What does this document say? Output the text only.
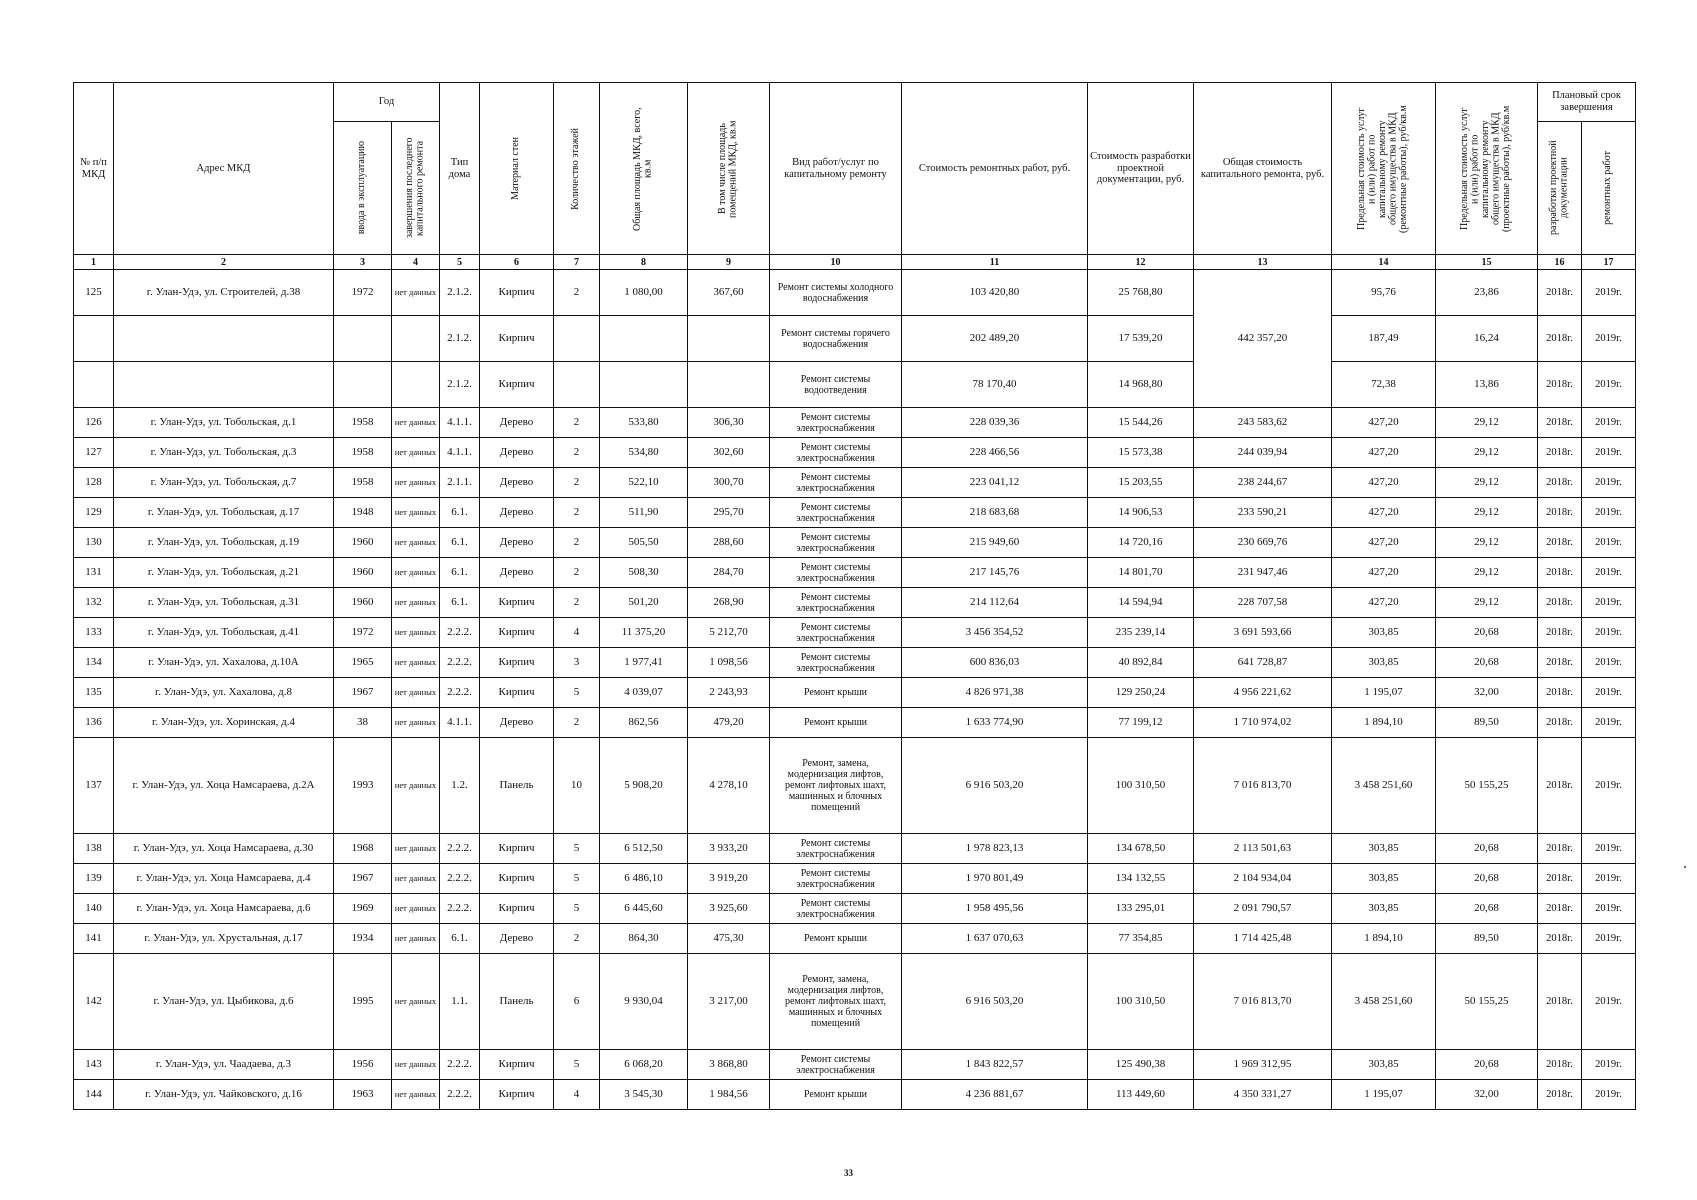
№ п/п МКД	Адрес МКД	Год		Тип дома	Материал стен	Количество этажей	Общая площадь МКД, всего, кв.м	В том числе площадь помещений МКД, кв.м	Вид работ/услуг по капитальному ремонту	Стоимость ремонтных работ, руб.	Стоимость разработки проектной документации, руб.	Общая стоимость капитального ремонта, руб.	Предельная стоимость услуг и (или) работ по капитальному ремонту общего имущества в МКД (ремонтные работы), руб/кв.м	Предельная стоимость услуг и (или) работ по капитальному ремонту общего имущества в МКД (проектные работы), руб/кв.м	Плановый срок завершения	

		ввода в эксплуатацию	завершения последнего капитального ремонта												разработки проектной документации	ремонтных работ

1	2	3	4	5	6	7	8	9	10	11	12	13	14	15	16	17
125	г. Улан-Удэ, ул. Строителей, д.38	1972	нет данных	2.1.2.	Кирпич	2	1 080,00	367,60	Ремонт системы холодного водоснабжения	103 420,80	25 768,80	442 357,20	95,76	23,86	2018г.	2019г.
				2.1.2.	Кирпич				Ремонт системы горячего водоснабжения	202 489,20	17 539,20		187,49	16,24	2018г.	2019г.
				2.1.2.	Кирпич				Ремонт системы водоотведения	78 170,40	14 968,80		72,38	13,86	2018г.	2019г.
126	г. Улан-Удэ, ул. Тобольская, д.1	1958	нет данных	4.1.1.	Дерево	2	533,80	306,30	Ремонт системы электроснабжения	228 039,36	15 544,26	243 583,62	427,20	29,12	2018г.	2019г.
127	г. Улан-Удэ, ул. Тобольская, д.3	1958	нет данных	4.1.1.	Дерево	2	534,80	302,60	Ремонт системы электроснабжения	228 466,56	15 573,38	244 039,94	427,20	29,12	2018г.	2019г.
128	г. Улан-Удэ, ул. Тобольская, д.7	1958	нет данных	2.1.1.	Дерево	2	522,10	300,70	Ремонт системы электроснабжения	223 041,12	15 203,55	238 244,67	427,20	29,12	2018г.	2019г.
129	г. Улан-Удэ, ул. Тобольская, д.17	1948	нет данных	6.1.	Дерево	2	511,90	295,70	Ремонт системы электроснабжения	218 683,68	14 906,53	233 590,21	427,20	29,12	2018г.	2019г.
130	г. Улан-Удэ, ул. Тобольская, д.19	1960	нет данных	6.1.	Дерево	2	505,50	288,60	Ремонт системы электроснабжения	215 949,60	14 720,16	230 669,76	427,20	29,12	2018г.	2019г.
131	г. Улан-Удэ, ул. Тобольская, д.21	1960	нет данных	6.1.	Дерево	2	508,30	284,70	Ремонт системы электроснабжения	217 145,76	14 801,70	231 947,46	427,20	29,12	2018г.	2019г.
132	г. Улан-Удэ, ул. Тобольская, д.31	1960	нет данных	6.1.	Кирпич	2	501,20	268,90	Ремонт системы электроснабжения	214 112,64	14 594,94	228 707,58	427,20	29,12	2018г.	2019г.
133	г. Улан-Удэ, ул. Тобольская, д.41	1972	нет данных	2.2.2.	Кирпич	4	11 375,20	5 212,70	Ремонт системы электроснабжения	3 456 354,52	235 239,14	3 691 593,66	303,85	20,68	2018г.	2019г.
134	г. Улан-Удэ, ул. Хахалова, д.10А	1965	нет данных	2.2.2.	Кирпич	3	1 977,41	1 098,56	Ремонт системы электроснабжения	600 836,03	40 892,84	641 728,87	303,85	20,68	2018г.	2019г.
135	г. Улан-Удэ, ул. Хахалова, д.8	1967	нет данных	2.2.2.	Кирпич	5	4 039,07	2 243,93	Ремонт крыши	4 826 971,38	129 250,24	4 956 221,62	1 195,07	32,00	2018г.	2019г.
136	г. Улан-Удэ, ул. Хоринская, д.4	38	нет данных	4.1.1.	Дерево	2	862,56	479,20	Ремонт крыши	1 633 774,90	77 199,12	1 710 974,02	1 894,10	89,50	2018г.	2019г.
137	г. Улан-Удэ, ул. Хоца Намсараева, д.2А	1993	нет данных	1.2.	Панель	10	5 908,20	4 278,10	Ремонт, замена, модернизация лифтов, ремонт лифтовых шахт, машинных и блочных помещений	6 916 503,20	100 310,50	7 016 813,70	3 458 251,60	50 155,25	2018г.	2019г.
138	г. Улан-Удэ, ул. Хоца Намсараева, д.30	1968	нет данных	2.2.2.	Кирпич	5	6 512,50	3 933,20	Ремонт системы электроснабжения	1 978 823,13	134 678,50	2 113 501,63	303,85	20,68	2018г.	2019г.
139	г. Улан-Удэ, ул. Хоца Намсараева, д.4	1967	нет данных	2.2.2.	Кирпич	5	6 486,10	3 919,20	Ремонт системы электроснабжения	1 970 801,49	134 132,55	2 104 934,04	303,85	20,68	2018г.	2019г.
140	г. Улан-Удэ, ул. Хоца Намсараева, д.6	1969	нет данных	2.2.2.	Кирпич	5	6 445,60	3 925,60	Ремонт системы электроснабжения	1 958 495,56	133 295,01	2 091 790,57	303,85	20,68	2018г.	2019г.
141	г. Улан-Удэ, ул. Хрустальная, д.17	1934	нет данных	6.1.	Дерево	2	864,30	475,30	Ремонт крыши	1 637 070,63	77 354,85	1 714 425,48	1 894,10	89,50	2018г.	2019г.
142	г. Улан-Удэ, ул. Цыбикова, д.6	1995	нет данных	1.1.	Панель	6	9 930,04	3 217,00	Ремонт, замена, модернизация лифтов, ремонт лифтовых шахт, машинных и блочных помещений	6 916 503,20	100 310,50	7 016 813,70	3 458 251,60	50 155,25	2018г.	2019г.
143	г. Улан-Удэ, ул. Чаадаева, д.3	1956	нет данных	2.2.2.	Кирпич	5	6 068,20	3 868,80	Ремонт системы электроснабжения	1 843 822,57	125 490,38	1 969 312,95	303,85	20,68	2018г.	2019г.
144	г. Улан-Удэ, ул. Чайковского, д.16	1963	нет данных	2.2.2.	Кирпич	4	3 545,30	1 984,56	Ремонт крыши	4 236 881,67	113 449,60	4 350 331,27	1 195,07	32,00	2018г.	2019г.
33
